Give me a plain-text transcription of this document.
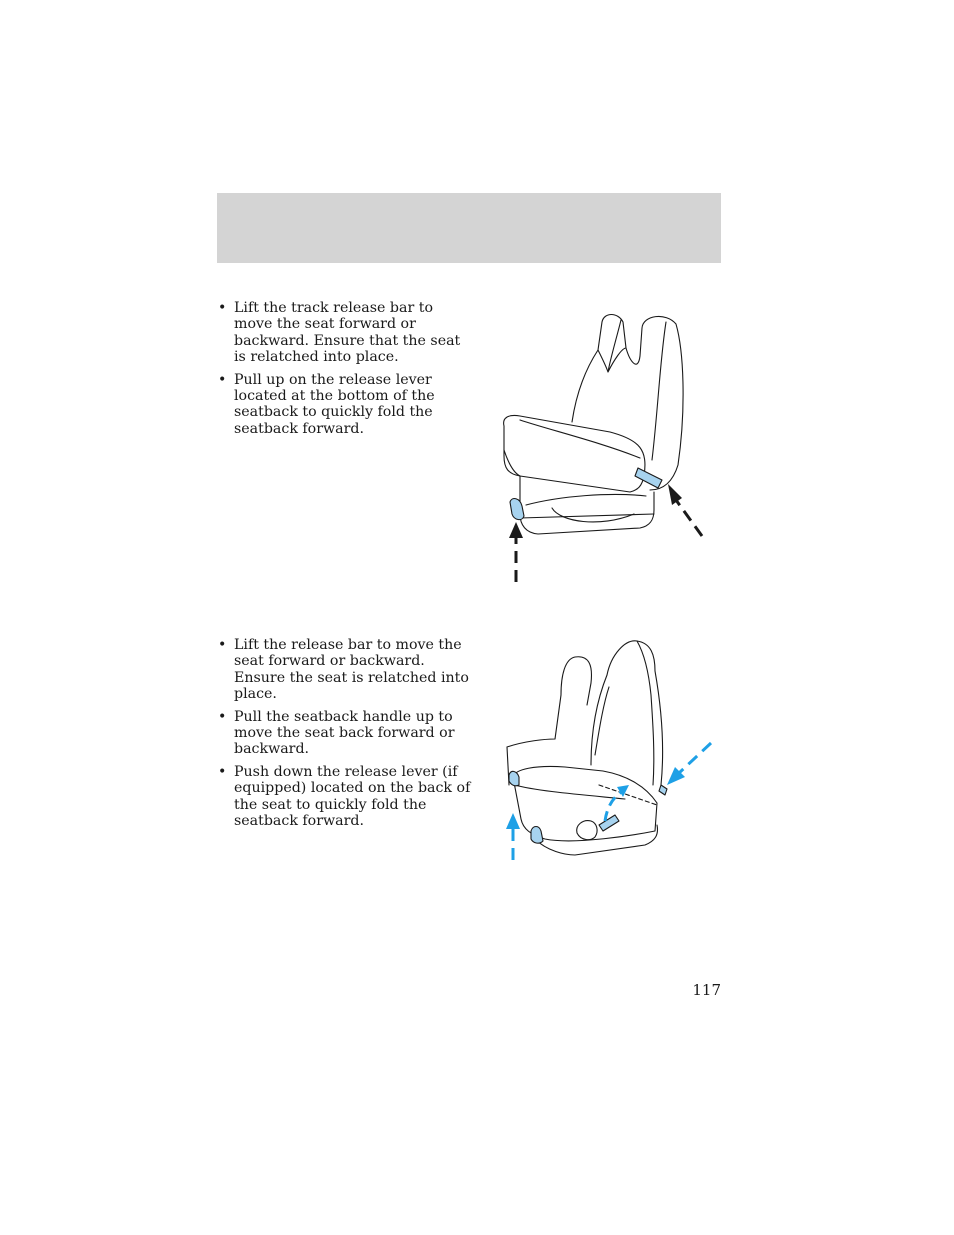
• Lift the track release bar to move the seat forward or backward. Ensure that the seat is relatched into place.
• Pull up on the release lever located at the bottom of the seatback to quickly fold the seatback forward.
• Lift the release bar to move the seat forward or backward. Ensure the seat is relatched into place.
• Pull the seatback handle up to move the seat back forward or backward.
• Push down the release lever (if equipped) located on the back of the seat to quickly fold the seatback forward.
117
